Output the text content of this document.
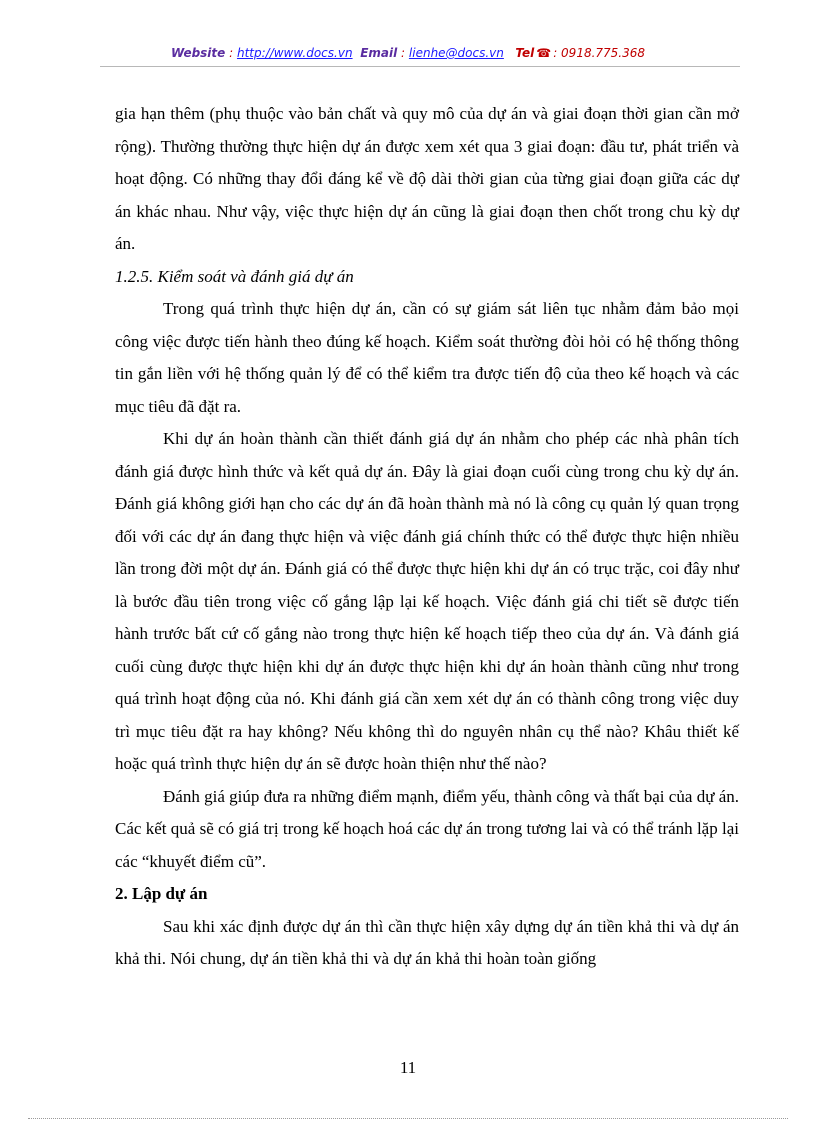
Website : http://www.docs.vn Email : lienhe@docs.vn Tel ☎ : 0918.775.368

gia hạn thêm (phụ thuộc vào bản chất và quy mô của dự án và giai đoạn thời gian cần mở rộng). Thường thường thực hiện dự án được xem xét qua 3 giai đoạn: đầu tư, phát triển và hoạt động. Có những thay đổi đáng kể về độ dài thời gian của từng giai đoạn giữa các dự án khác nhau. Như vậy, việc thực hiện dự án cũng là giai đoạn then chốt trong chu kỳ dự án.

1.2.5. Kiểm soát và đánh giá dự án

Trong quá trình thực hiện dự án, cần có sự giám sát liên tục nhằm đảm bảo mọi công việc được tiến hành theo đúng kế hoạch. Kiểm soát thường đòi hỏi có hệ thống thông tin gắn liền với hệ thống quản lý để có thể kiểm tra được tiến độ của theo kế hoạch và các mục tiêu đã đặt ra.

Khi dự án hoàn thành cần thiết đánh giá dự án nhằm cho phép các nhà phân tích đánh giá được hình thức và kết quả dự án. Đây là giai đoạn cuối cùng trong chu kỳ dự án. Đánh giá không giới hạn cho các dự án đã hoàn thành mà nó là công cụ quản lý quan trọng đối với các dự án đang thực hiện và việc đánh giá chính thức có thể được thực hiện nhiều lần trong đời một dự án. Đánh giá có thể được thực hiện khi dự án có trục trặc, coi đây như là bước đầu tiên trong việc cố gắng lập lại kế hoạch. Việc đánh giá chi tiết sẽ được tiến hành trước bất cứ cố gắng nào trong thực hiện kế hoạch tiếp theo của dự án. Và đánh giá cuối cùng được thực hiện khi dự án được thực hiện khi dự án hoàn thành cũng như trong quá trình hoạt động của nó. Khi đánh giá cần xem xét dự án có thành công trong việc duy trì mục tiêu đặt ra hay không? Nếu không thì do nguyên nhân cụ thể nào? Khâu thiết kế hoặc quá trình thực hiện dự án sẽ được hoàn thiện như thế nào?

Đánh giá giúp đưa ra những điểm mạnh, điểm yếu, thành công và thất bại của dự án. Các kết quả sẽ có giá trị trong kế hoạch hoá các dự án trong tương lai và có thể tránh lặp lại các “khuyết điểm cũ”.

2. Lập dự án

Sau khi xác định được dự án thì cần thực hiện xây dựng dự án tiền khả thi và dự án khả thi. Nói chung, dự án tiền khả thi và dự án khả thi hoàn toàn giống

11
